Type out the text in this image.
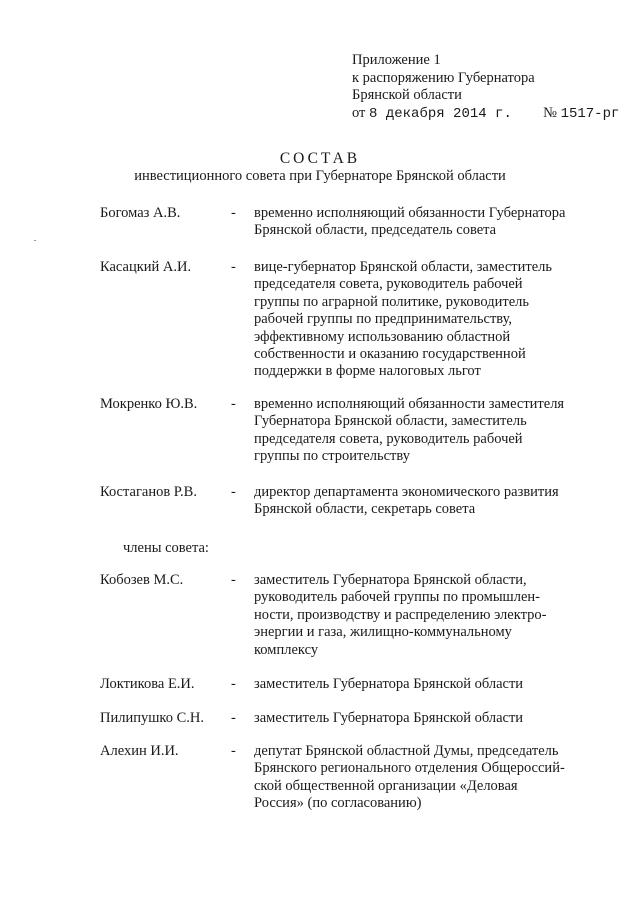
Приложение 1
к распоряжению Губернатора
Брянской области
от 8 декабря 2014 г. № 1517-рг
СОСТАВ
инвестиционного совета при Губернаторе Брянской области
Богомаз А.В.	- временно исполняющий обязанности Губернатора
Брянской области, председатель совета
Касацкий А.И.	- вице-губернатор Брянской области, заместитель
председателя совета, руководитель рабочей
группы по аграрной политике, руководитель
рабочей группы по предпринимательству,
эффективному использованию областной
собственности и оказанию государственной
поддержки в форме налоговых льгот
Мокренко Ю.В. - временно исполняющий обязанности заместителя
Губернатора Брянской области, заместитель
председателя совета, руководитель рабочей
группы по строительству
Костаганов Р.В. - директор департамента экономического развития
Брянской области, секретарь совета
члены совета:
Кобозев М.С.	- заместитель Губернатора Брянской области,
руководитель рабочей группы по промышлен-
ности, производству и распределению электро-
энергии и газа, жилищно-коммунальному
комплексу
Локтикова Е.И.	- заместитель Губернатора Брянской области
Пилипушко С.Н. - заместитель Губернатора Брянской области
Алехин И.И.	- депутат Брянской областной Думы, председатель
Брянского регионального отделения Общероссий-
ской общественной организации «Деловая
Россия» (по согласованию)
